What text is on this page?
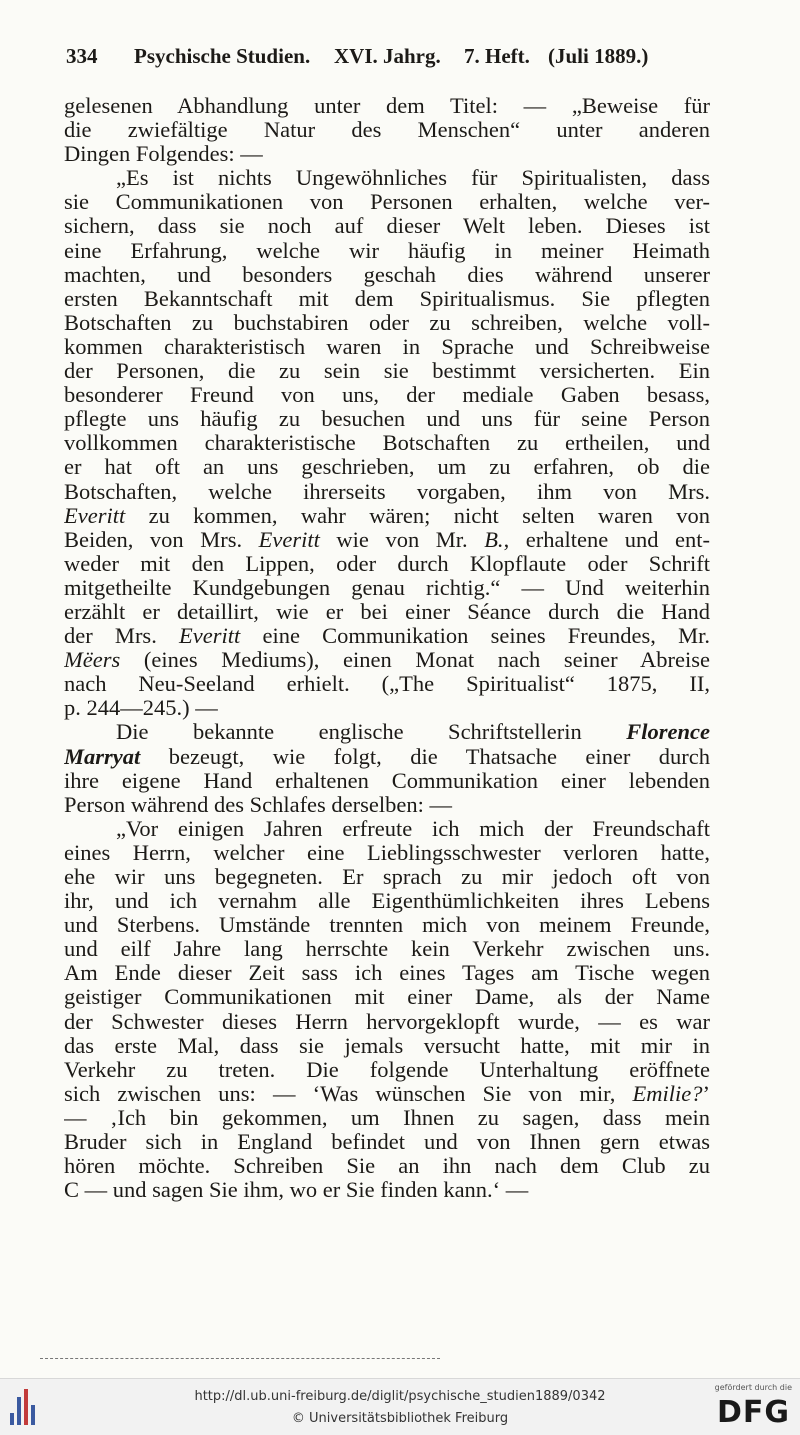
334 Psychische Studien. XVI. Jahrg. 7. Heft. (Juli 1889.)
gelesenen Abhandlung unter dem Titel: — „Beweise für
die zwiefältige Natur des Menschen“ unter anderen
Dingen Folgendes: —
„Es ist nichts Ungewöhnliches für Spiritualisten, dass
sie Communikationen von Personen erhalten, welche ver-
sichern, dass sie noch auf dieser Welt leben. Dieses ist
eine Erfahrung, welche wir häufig in meiner Heimath
machten, und besonders geschah dies während unserer
ersten Bekanntschaft mit dem Spiritualismus. Sie pflegten
Botschaften zu buchstabiren oder zu schreiben, welche voll-
kommen charakteristisch waren in Sprache und Schreibweise
der Personen, die zu sein sie bestimmt versicherten. Ein
besonderer Freund von uns, der mediale Gaben besass,
pflegte uns häufig zu besuchen und uns für seine Person
vollkommen charakteristische Botschaften zu ertheilen, und
er hat oft an uns geschrieben, um zu erfahren, ob die
Botschaften, welche ihrerseits vorgaben, ihm von Mrs.
Everitt zu kommen, wahr wären; nicht selten waren von
Beiden, von Mrs. Everitt wie von Mr. B., erhaltene und ent-
weder mit den Lippen, oder durch Klopflaute oder Schrift
mitgetheilte Kundgebungen genau richtig.“ — Und weiterhin
erzählt er detaillirt, wie er bei einer Séance durch die Hand
der Mrs. Everitt eine Communikation seines Freundes, Mr.
Mëers (eines Mediums), einen Monat nach seiner Abreise
nach Neu-Seeland erhielt. („The Spiritualist“ 1875, II,
p. 244—245.) —
Die bekannte englische Schriftstellerin Florence
Marryat bezeugt, wie folgt, die Thatsache einer durch
ihre eigene Hand erhaltenen Communikation einer lebenden
Person während des Schlafes derselben: —
„Vor einigen Jahren erfreute ich mich der Freundschaft
eines Herrn, welcher eine Lieblingsschwester verloren hatte,
ehe wir uns begegneten. Er sprach zu mir jedoch oft von
ihr, und ich vernahm alle Eigenthümlichkeiten ihres Lebens
und Sterbens. Umstände trennten mich von meinem Freunde,
und eilf Jahre lang herrschte kein Verkehr zwischen uns.
Am Ende dieser Zeit sass ich eines Tages am Tische wegen
geistiger Communikationen mit einer Dame, als der Name
der Schwester dieses Herrn hervorgeklopft wurde, — es war
das erste Mal, dass sie jemals versucht hatte, mit mir in
Verkehr zu treten. Die folgende Unterhaltung eröffnete
sich zwischen uns: — ‘Was wünschen Sie von mir, Emilie?’
— ‚Ich bin gekommen, um Ihnen zu sagen, dass mein
Bruder sich in England befindet und von Ihnen gern etwas
hören möchte. Schreiben Sie an ihn nach dem Club zu
C — und sagen Sie ihm, wo er Sie finden kann.‘ —
http://dl.ub.uni-freiburg.de/diglit/psychische_studien1889/0342
© Universitätsbibliothek Freiburg
gefördert durch die
DFG
